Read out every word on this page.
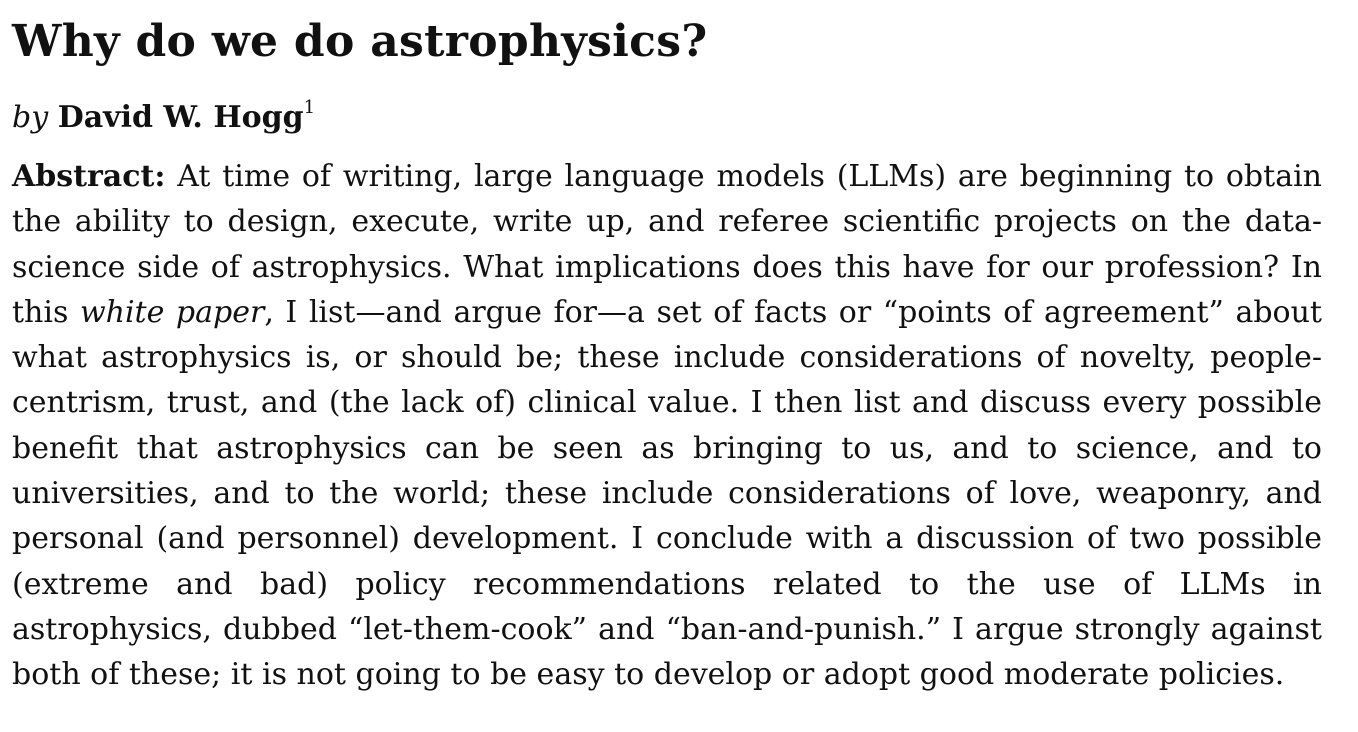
Why do we do astrophysics?
by David W. Hogg$^1$

Abstract: At time of writing, large language models (LLMs) are beginning to obtain the ability to design, execute, write up, and referee scientific projects on the data-science side of astrophysics. What implications does this have for our profession? In this white paper, I list—and argue for—a set of facts or “points of agreement” about what astrophysics is, or should be; these include considerations of novelty, people-centrism, trust, and (the lack of) clinical value. I then list and discuss every possible benefit that astrophysics can be seen as bringing to us, and to science, and to universities, and to the world; these include considerations of love, weaponry, and personal (and personnel) development. I conclude with a discussion of two possible (extreme and bad) policy recommendations related to the use of LLMs in astrophysics, dubbed “let-them-cook” and “ban-and-punish.” I argue strongly against both of these; it is not going to be easy to develop or adopt good moderate policies.
